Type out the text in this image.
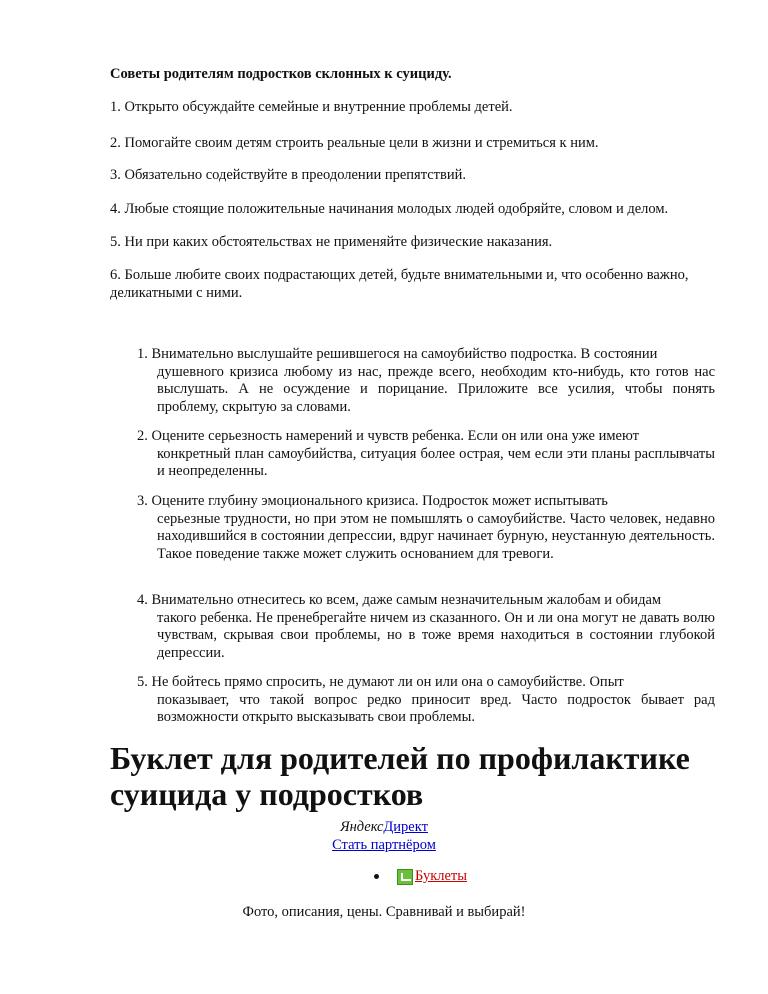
Советы родителям подростков склонных к суициду.

1. Открыто обсуждайте семейные и внутренние проблемы детей.

2. Помогайте своим детям строить реальные цели в жизни и стремиться к ним.

3. Обязательно содействуйте в преодолении препятствий.

4. Любые стоящие положительные начинания молодых людей одобряйте, словом и делом.

5. Ни при каких обстоятельствах не применяйте физические наказания.

6. Больше любите своих подрастающих детей, будьте внимательными и, что особенно важно, деликатными с ними.

1. Внимательно выслушайте решившегося на самоубийство подростка. В состоянии
душевного кризиса любому из нас, прежде всего, необходим кто-нибудь, кто готов нас выслушать. А не осуждение и порицание. Приложите все усилия, чтобы понять проблему, скрытую за словами.
2. Оцените серьезность намерений и чувств ребенка. Если он или она уже имеют
конкретный план самоубийства, ситуация более острая, чем если эти планы расплывчаты и неопределенны.
3. Оцените глубину эмоционального кризиса. Подросток может испытывать
серьезные трудности, но при этом не помышлять о самоубийстве. Часто человек, недавно находившийся в состоянии депрессии, вдруг начинает бурную, неустанную деятельность. Такое поведение также может служить основанием для тревоги.
4. Внимательно отнеситесь ко всем, даже самым незначительным жалобам и обидам
такого ребенка. Не пренебрегайте ничем из сказанного. Он и ли она могут не давать волю чувствам, скрывая свои проблемы, но в тоже время находиться в состоянии глубокой депрессии.
5. Не бойтесь прямо спросить, не думают ли он или она о самоубийстве. Опыт
показывает, что такой вопрос редко приносит вред. Часто подросток бывает рад возможности открыто высказывать свои проблемы.
Буклет для родителей по профилактике суицида у подростков
ЯндексДирект
Стать партнёром
Буклеты
Фото, описания, цены. Сравнивай и выбирай!
